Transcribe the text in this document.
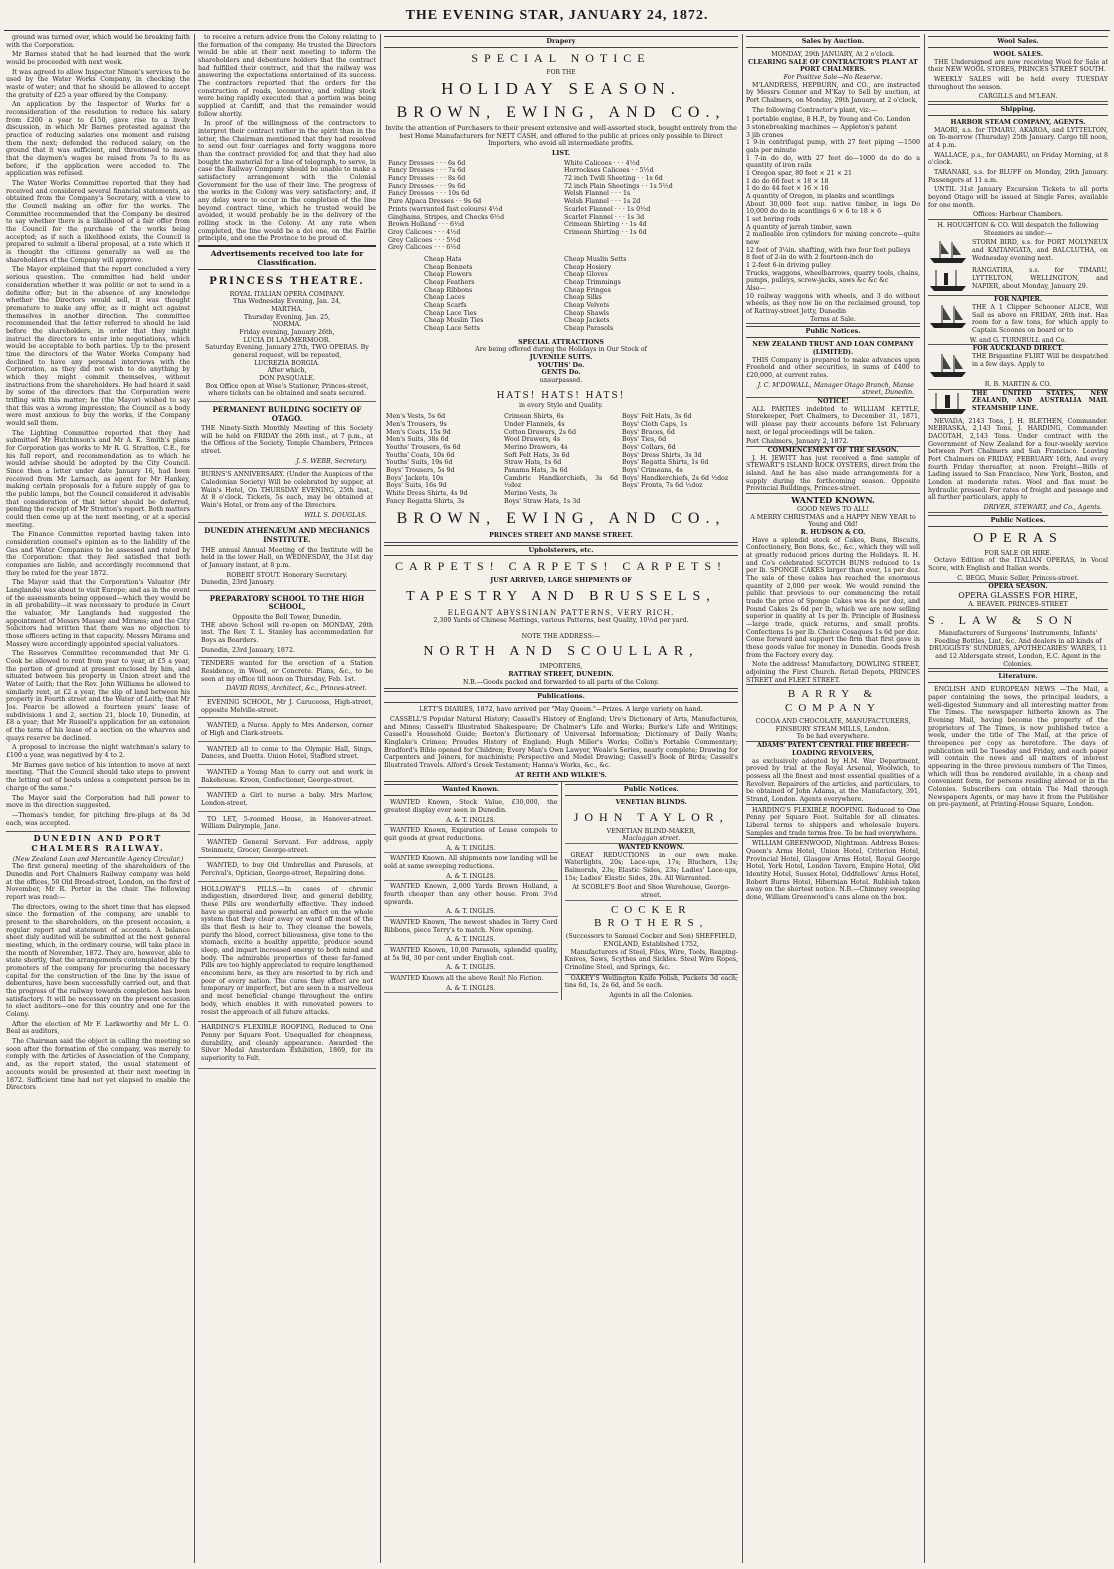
THE EVENING STAR, JANUARY 24, 1872.

ground was turned over, which would be breaking faith with the Corporation.

Mr Barnes stated that he had learned that the work would be proceeded with next week.

It was agreed to allow Inspector Nimon's services to be used by the Water Works Company, in checking the waste of water; and that he should be allowed to accept the gratuity of £25 a year offered by the Company.

An application by the Inspector of Works for a reconsideration of the resolution to reduce his salary from £200 a year to £150, gave rise to a lively discussion, in which Mr Barnes protested against the practice of reducing salaries one moment and raising them the next; defended the reduced salary, on the ground that it was sufficient, and threatened to move that the daymen's wages be raised from 7s to 8s as before, if the application were acceded to. The application was refused.

The Water Works Committee reported that they had received and considered several financial statements, as obtained from the Company's Secretary, with a view to the Council making an offer for the works. The Committee recommended that the Company be desired to say whether there is a likelihood of a fair offer from the Council for the purchase of the works being accepted; as if such a likelihood exists, the Council is prepared to submit a liberal proposal, at a rate which it is thought the citizens generally as well as the shareholders of the Company will approve.

The Mayor explained that the report concluded a very serious question. The committee had held under consideration whether it was politic or not to send in a definite offer; but in the absence of any knowledge whether the Directors would sell, it was thought premature to make any offer, as it might act against themselves in another direction. The committee recommended that the letter referred to should be laid before the shareholders, in order that they might instruct the directors to enter into negotiations, which would be acceptable to both parties. Up to the present time the directors of the Water Works Company had declined to have any personal interviews with the Corporation, as they did not wish to do anything by which they might commit themselves, without instructions from the shareholders. He had heard it said by some of the directors that the Corporation were trifling with this matter; he (the Mayor) wished to say that this was a wrong impression; the Council as a body were most anxious to buy the works, if the Company would sell them.

The Lighting Committee reported that they had submitted Mr Hutchinson's and Mr A. K. Smith's plans for Corporation gas works to Mr R. G. Stratton, C.E., for his full report, and recommendation as to which he would advise should be adopted by the City Council. Since then a letter under date January 16, had been received from Mr Larnach, as agent for Mr Hankey, making certain proposals for a future supply of gas to the public lamps, but the Council considered it advisable that consideration of that letter should be deferred, pending the receipt of Mr Stratton's report. Both matters could then come up at the next meeting, or at a special meeting.

The Finance Committee reported having taken into consideration counsel's opinion as to the liability of the Gas and Water Companies to be assessed and rated by the Corporation: that they feel satisfied that both companies are liable, and accordingly recommend that they be rated for the year 1872.

The Mayor said that the Corporation's Valuator (Mr Langlands) was about to visit Europe; and as in the event of the assessments being opposed—which they would be in all probability—it was necessary to produce in Court the valuator, Mr Langlands had suggested the appointment of Messrs Massey and Mirams; and the City Solicitors had written that there was no objection to those officers acting in that capacity. Messrs Mirams and Massey were accordingly appointed special valuators.

The Reserves Committee recommended that Mr G. Cook be allowed to rent from year to year, at £5 a year, the portion of ground at present enclosed by him, and situated between his property in Union street and the Water of Leith; that the Rev. John Williams be allowed to similarly rent, at £2 a year, the slip of land between his property in Fourth street and the Water of Leith; that Mr Jos. Pearce be allowed a fourteen years' lease of subdivisions 1 and 2, section 21, block 10, Dunedin, at £8 a year; that Mr Russell's application for an extension of the term of his lease of a section on the wharves and quays reserve be declined.

A proposal to increase the night watchman's salary to £100 a year, was negatived by 4 to 2.

Mr Barnes gave notice of his intention to move at next meeting. "That the Council should take steps to prevent the letting out of boats unless a competent person be in charge of the same."

The Mayor said the Corporation had full power to move in the direction suggested.

—Thomas's tender, for pitching fire-plugs at 8s 3d each, was accepted.

DUNEDIN AND PORT CHALMERS RAILWAY.
(New Zealand Loan and Mercantile Agency Circular.)

The first general meeting of the shareholders of the Dunedin and Port Chalmers Railway company was held at the offices, 50 Old Broad-street, London, on the first of November, Mr R. Porter in the chair. The following report was read:—

The directors, owing to the short time that has elapsed since the formation of the company, are unable to present to the shareholders, on the present occasion, a regular report and statement of accounts. A balance sheet duly audited will be submitted at the next general meeting, which, in the ordinary course, will take place in the month of November, 1872. They are, however, able to state shortly, that the arrangements contemplated by the promoters of the company for procuring the necessary capital for the construction of the line by the issue of debentures, have been successfully carried out, and that the progress of the railway towards completion has been satisfactory. It will be necessary on the present occasion to elect auditors—one for this country and one for the Colony.

After the election of Mr F. Larkworthy and Mr L. O. Beal as auditors,

The Chairman said the object in calling the meeting so soon after the formation of the company, was merely to comply with the Articles of Association of the Company, and, as the report stated, the usual statement of accounts would be presented at their next meeting in 1872. Sufficient time had not yet elapsed to enable the Directors

to receive a return advice from the Colony relating to the formation of the company. He trusted the Directors would be able at their next meeting to inform the shareholders and debenture holders that the contract had fulfilled their contract, and that the railway was answering the expectations entertained of its success. The contractors reported that the orders for the construction of roads, locomotive, and rolling stock were being rapidly executed: that a portion was being supplied at Cardiff, and that the remainder would follow shortly.

In proof of the willingness of the contractors to interpret their contract rather in the spirit than in the letter, the Chairman mentioned that they had resolved to send out four carriages and forty waggons more than the contract provided for, and that they had also bought the material for a line of telegraph, to serve, in case the Railway Company should be unable to make a satisfactory arrangement with the Colonial Government for the use of their line. The progress of the works in the Colony was very satisfactory; and, if any delay were to occur in the completion of the line beyond contract time, which he trusted would be avoided, it would probably be in the delivery of the rolling stock in the Colony. At any rate when completed, the line would be a doi one, on the Fairlie principle, and one the Province to be proud of.

Advertisements received too late for Classification.
PRINCESS THEATRE.
ROYAL ITALIAN OPERA COMPANY.
This Wednesday Evening, Jan. 24,
MARTHA.
Thursday Evening, Jan. 25,
NORMA.
Friday evening, January 26th,
LUCIA DI LAMMERMOOR.
Saturday Evening, January 27th, TWO OPERAS. By general request, will be repeated,
LUCREZIA BORGIA.
After which,
DON PASQUALE.
Box Office open at Wise's Stationer, Princes-street, where tickets can be obtained and seats secured.
PERMANENT BUILDING SOCIETY OF OTAGO.

THE Ninety-Sixth Monthly Meeting of this Society will be held on FRIDAY the 26th inst., at 7 p.m., at the Offices of the Society, Temple Chambers, Princes street.

J. S. WEBB, Secretary.

BURNS'S ANNIVERSARY. (Under the Auspices of the Caledonian Society) Will be celebrated by supper, at Wain's Hotel, On THURSDAY EVENING, 25th inst., At 8 o'clock. Tickets, 5s each, may be obtained at Wain's Hotel, or from any of the Directors.

WILL S. DOUGLAS.
DUNEDIN ATHENÆUM AND MECHANICS INSTITUTE.

THE annual Annual Meeting of the Institute will be held in the lower Hall, on WEDNESDAY, the 31st day of January instant, at 8 p.m.

ROBERT STOUT. Honorary Secretary.
Dunedin, 23rd January.
PREPARATORY SCHOOL TO THE HIGH SCHOOL,
Opposite the Bell Tower, Dunedin.

THE above School will re-open on MONDAY, 29th inst. The Rev. T. L. Stanley has accommodation for Boys as Boarders.

Dunedin, 23rd January, 1872.

TENDERS wanted for the erection of a Station Residence, in Wood, or Concrete. Plans, &c., to be seen at my office till noon on Thursday, Feb. 1st.

DAVID ROSS, Architect, &c., Princes-street.

EVENING SCHOOL, Mr J. Caruceoss, High-street, opposite Melville-street.

WANTED, a Nurse. Apply to Mrs Anderson, corner of High and Clark-streets.

WANTED all to come to the Olympic Hall, Sings, Dances, and Duetts. Union Hotel, Stafford street.

WANTED a Young Man to carry out and work in Bakehouse. Kroon, Confectioner, George-street.

WANTED a Girl to nurse a baby. Mrs Marlow, London-street.

TO LET, 5-roomed House, in Hanover-street. William Dalrymple, Jane.

WANTED General Servant. For address, apply Steinmetz, Grocer, George-street.

WANTED, to buy Old Umbrellas and Parasols, at Percival's, Optician, George-street, Repairing done.

HOLLOWAY'S PILLS.—In cases of chronic indigestion, disordered liver, and general debility, these Pills are wonderfully effective. They indeed have so general and powerful an effect on the whole system that they clear away or ward off most of the ills that flesh is heir to. They cleanse the bowels, purify the blood, correct biliousness, give tone to the stomach, excite a healthy appetite, produce sound sleep, and impart increased energy to both mind and body. The admirable properties of these far-famed Pills are too highly appreciated to require lengthened encomium here, as they are resorted to by rich and poor of every nation. The cures they effect are not temporary or imperfect, but are seen in a marvellous and most beneficial change throughout the entire body, which enables it with renovated powers to resist the approach of all future attacks.

HARDING'S FLEXIBLE ROOFING, Reduced to One Penny per Square Foot. Unequalled for cheapness, durability, and cleanly appearance. Awarded the Silver Medal Amsterdam Exhibition, 1869, for its superiority to Felt.

Drapery
SPECIAL NOTICE
FOR THE
HOLIDAY SEASON.
BROWN, EWING, AND CO.,

Invite the attention of Purchasers to their present extensive and well-assorted stock, bought entirely from the best Home Manufacturers for NETT CASH, and offered to the public at prices only possible to Direct Importers, who avoid all intermediate profits.

LIST.
Fancy Dresses · · · 6s 6d
Fancy Dresses · · · 7s 6d
Fancy Dresses · · · 8s 6d
Fancy Dresses · · · 9s 6d
Fancy Dresses · · · 10s 6d
Pure Alpaca Dresses · · 9s 6d
Prints (warranted fast colours) 4½d
Ginghams, Stripes, and Checks 6½d
Brown Holland · · · 6½d
Grey Calicoes · · · 4½d
Grey Calicoes · · · 5½d
Grey Calicoes · · · 6½d
White Calicoes · · · 4½d
Horrockses Calicoes · · 5½d
72 inch Twill Sheeting · · 1s 6d
72 inch Plain Sheetings · · 1s 5½d
Welsh Flannel · · · 1s
Welsh Flannel · · · 1s 2d
Scarlet Flannel · · · 1s 0½d
Scarlet Flannel · · · 1s 3d
Crimean Shirting · · 1s 4d
Crimean Shirting · · 1s 6d
Cheap Hats
Cheap Bonnets
Cheap Flowers
Cheap Feathers
Cheap Ribbons
Cheap Laces
Cheap Scarfs
Cheap Lace Ties
Cheap Muslin Ties
Cheap Lace Setts
Cheap Muslin Setts
Cheap Hosiery
Cheap Gloves
Cheap Trimmings
Cheap Fringes
Cheap Silks
Cheap Velvets
Cheap Shawls
Cheap Jackets
Cheap Parasols
SPECIAL ATTRACTIONS
Are being offered during the Holidays in Our Stock of
JUVENILE SUITS.
YOUTHS' Do.
GENTS Do.
unsurpassed.
HATS! HATS! HATS!
in every Style and Quality.
Men's Vests, 5s 6d
Men's Trousers, 9s
Men's Coats, 15s 9d
Men's Suits, 38s 6d
Youths' Trousers, 6s 6d
Youths' Coats, 10s 6d
Youths' Suits, 19s 6d
Boys' Trousers, 5s 9d
Boys' Jackets, 10s
Boys' Suits, 16s 9d
White Dress Shirts, 4s 9d
Fancy Regatta Shirts, 3s
Crimean Shirts, 6s
Under Flannels, 4s
Cotton Drawers, 2s 6d
Wool Drawers, 4s
Merino Drawers, 4s
Soft Felt Hats, 3s 6d
Straw Hats, 1s 6d
Panama Hats, 3s 6d
Cambric Handkerchiefs, 3s 6d ½doz
Merino Vests, 3s
Boys' Straw Hats, 1s 3d
Boys' Felt Hats, 3s 6d
Boys' Cloth Caps, 1s
Boys' Braces, 6d
Boys' Ties, 6d
Boys' Collars, 6d
Boys' Dress Shirts, 3s 3d
Boys' Regatta Shirts, 1s 6d
Boys' Crimeans, 4s
Boys' Handkerchiefs, 2s 6d ½doz
Boys' Fronts, 7s 6d ½doz
BROWN, EWING, AND CO.,
PRINCES STREET AND MANSE STREET.
Upholsterers, etc.
CARPETS! CARPETS! CARPETS!
JUST ARRIVED, LARGE SHIPMENTS OF
TAPESTRY AND BRUSSELS,
ELEGANT ABYSSINIAN PATTERNS, VERY RICH.
2,300 Yards of Chinese Mattings, various Patterns, best Quality, 10½d per yard.
NOTE THE ADDRESS:—
NORTH AND SCOULLAR,
IMPORTERS,
RATTRAY STREET, DUNEDIN.
N.B.—Goods packed and forwarded to all parts of the Colony.
Publications.

LETT'S DIARIES, 1872, have arrived per "May Queen."—Prizes. A large variety on hand.

CASSELL'S Popular Natural History; Cassell's History of England; Ure's Dictionary of Arts, Manufactures, and Mines; Cassell's Illustrated Shakespeare; Dr Chalmer's Life and Works; Burke's Life and Writings; Cassell's Household Guide; Beeton's Dictionary of Universal Information; Dictionary of Daily Wants; Kinglake's Crimea; Proudes History of England; Hugh Miller's Works; Collin's Portable Commentary; Bradford's Bible opened for Children; Every Man's Own Lawyer, Weale's Series, nearly complete; Drawing for Carpenters and Joiners, for machinists; Perspective and Model Drawing; Cassell's Book of Birds; Cassell's Illustrated Travels. Alford's Greek Testament; Hanna's Works, &c., &c.

AT REITH AND WILKIE'S.
Wanted Known.

WANTED Known, Stock Value, £30,000, the greatest display ever seen in Dunedin.

A. & T. INGLIS.

WANTED Known, Expiration of Lease compels to quit goods at great reductions.

A. & T. INGLIS.

WANTED Known. All shipments now landing will be sold at same sweeping reductions.

A. & T. INGLIS.

WANTED Known, 2,000 Yards Brown Holland, a fourth cheaper than any other house. From 3½d upwards.

A. & T. INGLIS.

WANTED Known, The newest shades in Terry Cord Ribbons, piece Terry's to match. Now opening.

A. & T. INGLIS.

WANTED Known, 10,00 Parasols, splendid quality, at 5s 9d, 30 per cent under English cost.

A. & T. INGLIS.

WANTED Known all the above Real! No Fiction.

A. & T. INGLIS.
Public Notices.
VENETIAN BLINDS.
JOHN TAYLOR,
VENETIAN BLIND-MAKER,
Maclaggan street.
WANTED KNOWN.

GREAT REDUCTIONS in our own make. Waterlights, 20s; Lace-ups, 17s; Bluchers, 13s; Balmorals, 23s; Elastic Sides, 23s; Ladies' Lace-ups, 15s; Ladies' Elastic Sides, 20s. All Warranted.

At SCOBLE'S Boot and Shoe Warehouse, George-street.
COCKER BROTHERS,
(Successors to Samuel Cocker and Son) SHEFFIELD, ENGLAND, Established 1752,

Manufacturers of Steel, Files, Wire, Tools, Reaping-Knives, Saws, Scythes and Sickles. Steel Wire Ropes, Crinoline Steel, and Springs, &c.

OAKEY'S Wellington Knife Polish, Packets 3d each; tins 6d, 1s, 2s 6d, and 5s each.

Agents in all the Colonies.
Sales by Auction.
MONDAY, 29th JANUARY, At 2 o'clock.
CLEARING SALE OF CONTRACTOR'S PLANT AT PORT CHALMERS.
For Positive Sale—No Reserve.

M'LANDRESS, HEPBURN, and CO., are instructed by Messrs Connor and M'Kay to Sell by auction, at Port Chalmers, on Monday, 29th January, at 2 o'clock,

The following Contractor's plant, viz:—

1 portable engine, 8 H.P., by Young and Co. London
3 stonebreaking machines — Appleton's patent
3 jib cranes
1 9-in centrifugal pump, with 27 feet piping —1500 gals per minute
1 7-in do do, with 27 feet do—1000 do do do a quantity of iron rails
1 Oregon spar, 80 feet × 21 × 21
1 do do 66 feet × 18 × 18
1 do do 44 feet × 16 × 16
A quantity of Oregon, in planks and scantlings
About 30,000 feet sup. native timber, in logs Do 10,000 do do in scantlings 6 × 6 to 18 × 6
1 set boring rods
A quantity of jarrah timber, sawn
2 malleable iron cylinders for mixing concrete—quite new
12 feet of 3¼in. shafting, with two four feet pulleys
8 feet of 2-in do with 2 fourteen-inch do
1 2-feet 6-in driving pulley
Trucks, waggons, wheelbarrows, quarry tools, chains, pumps, pulleys, screw-jacks, saws &c &c &c
Also—
10 railway waggons with wheels, and 3 do without wheels, as they now lie on the reclaimed ground, top of Rattray-street Jetty, Dunedin
Terms at Sale.
Public Notices.
NEW ZEALAND TRUST AND LOAN COMPANY (LIMITED).

THIS Company is prepared to make advances upon Freehold and other securities, in sums of £400 to £20,000, at current rates.

J. C. M'DOWALL, Manager Otago Branch, Manse street, Dunedin.
NOTICE!

ALL PARTIES indebted to WILLIAM KETTLE, Storekeeper, Port Chalmers, to December 31, 1871, will please pay their accounts before 1st February next, or legal proceedings will be taken.

Port Chalmers, January 2, 1872.
COMMENCEMENT OF THE SEASON.

J. H. JEWITT has just received a fine sample of STEWART'S ISLAND ROCK OYSTERS, direct from the island. And he has also made arrangements for a supply during the forthcoming season. Opposite Provincial Buildings, Princes-street.

WANTED KNOWN.
GOOD NEWS TO ALL!
A MERRY CHRISTMAS and a HAPPY NEW YEAR to Young and Old!
R. HUDSON & CO.

Have a splendid stock of Cakes, Buns, Biscuits, Confectionery, Bon Bons, &c., &c., which they will sell at greatly reduced prices during the Holidays. R. H. and Co's celebrated SCOTCH BUNS reduced to 1s per lb. SPONGE CAKES larger than ever, 1s per doz. The sale of these cakes has reached the enormous quantity of 2,000 per week. We would remind the public that previous to our commencing the retail trade the price of Sponge Cakes was 4s per doz, and Pound Cakes 2s 6d per lb, which we are now selling superior in quality at 1s per lb. Principle of Business—large trade, quick returns, and small profits. Confections 1s per lb. Choice Cosaques 1s 6d per doz. Come forward and support the firm that first gave in these goods value for money in Dunedin. Goods fresh from the Factory every day.

Note the address! Manufactory, DOWLING STREET, adjoining the First Church. Retail Depots, PRINCES STREET and FLEET STREET.

BARRY & COMPANY
COCOA AND CHOCOLATE, MANUFACTURERS, FINSBURY STEAM MILLS, London.
To be had everywhere.
ADAMS' PATENT CENTRAL FIRE BREECH-LOADING REVOLVERS,

as exclusively adopted by H.M. War Department, proved by trial at the Royal Arsenal, Woolwich, to possess all the finest and most essential qualities of a Revolver. Repairers of the articles, and particulars, to be obtained of John Adams, at the Manufactory, 391, Strand, London. Agents everywhere.

HARDING'S FLEXIBLE ROOFING. Reduced to One Penny per Square Foot. Suitable for all climates. Liberal terms to shippers and wholesale buyers. Samples and trade terms free. To be had everywhere.

WILLIAM GREENWOOD, Nightman. Address Boxes: Queen's Arms Hotel, Union Hotel, Criterion Hotel, Provincial Hotel, Glasgow Arms Hotel, Royal George Hotel, York Hotel, London Tavern, Empire Hotel, Old Identity Hotel, Sussex Hotel, Oddfellows' Arms Hotel, Robert Burns Hotel, Hibernian Hotel. Rubbish taken away on the shortest notice. N.B.—Chimney sweeping done, William Greenwood's cans alone on the box.

Wool Sales.
WOOL SALES.

THE Undersigned are now receiving Wool for Sale at their NEW WOOL STORES, PRINCES STREET SOUTH.

WEEKLY SALES will be held every TUESDAY throughout the season.

CARGILLS and M'LEAN.
Shipping.
HARBOR STEAM COMPANY, AGENTS.

MAORI, s.s. for TIMARU, AKAROA, and LYTTELTON, on To-morrow (Thursday) 25th January. Cargo till noon, at 4 p.m.

WALLACE, p.s., for OAMARU, on Friday Morning, at 8 o'clock.

TARANAKI, s.s. for BLUFF on Monday, 29th January. Passengers at 11 a.m.

UNTIL 31st January Excursion Tickets to all ports beyond Otago will be issued at Single Fares, available for one month.

Offices: Harbour Chambers.
H. HOUGHTON & CO. Will despatch the following Steamers as under:—

STORM BIRD, s.s. for PORT MOLYNEUX and KAITANGATA, and BALCLUTHA, on Wednesday evening next.

RANGATIRA, s.s. for TIMARU, LYTTELTON, WELLINGTON, and NAPIER, about Monday, January 29.

FOR NAPIER.

THE A 1 Clipper Schooner ALICE, Will Sail as above on FRIDAY, 26th inst. Has room for a few tons, for which apply to Captain Scoones on board or to

W. and G. TURNBULL and Co.
FOR AUCKLAND DIRECT.

THE Brigantine FLIRT Will be despatched in a few days. Apply to

R. B. MARTIN & CO.

THE UNITED STATES, NEW ZEALAND, AND AUSTRALIA MAIL STEAMSHIP LINE.

NEVADA, 2143 Tons, J. H. BLETHEN, Commander. NEBRASKA, 2,143 Tons, J. HARDING, Commander. DACOTAH, 2,143 Tons. Under contract with the Government of New Zealand for a four-weekly service between Port Chalmers and San Francisco. Leaving Port Chalmers on FRIDAY, FEBRUARY 16th, And every fourth Friday thereafter, at noon. Freight—Bills of Lading issued to San Francisco, New York, Boston, and London at moderate rates. Wool and flax must be hydraulic pressed. For rates of freight and passage and all further particulars, apply to

DRIVER, STEWART, and Co., Agents.
Public Notices.
OPERAS
FOR SALE OR HIRE.

Octavo Edition of the ITALIAN OPERAS, in Vocal Score, with English and Italian words.

C. BEGG, Music Seller, Princes-street.
OPERA SEASON.
OPERA GLASSES FOR HIRE,
A. BEAVER. PRINCES-STREET
S. LAW & SON

Manufacturers of Surgeons' Instruments, Infants' Feeding Bottles, Lint, &c. And dealers in all kinds of DRUGGISTS' SUNDRIES, APOTHECARIES' WARES, 11 and 12 Aldersgate street, London, E.C. Agent in the Colonies.

Literature.

ENGLISH AND EUROPEAN NEWS —The Mail, a paper containing the news, the principal leaders, a well-digested Summary and all interesting matter from The Times. The newspaper hitherto known as The Evening Mail, having become the property of the proprietors of The Times, is now published twice a week, under the title of The Mail, at the price of threepence per copy as heretofore. The days of publication will be Tuesday and Friday, and each paper will contain the news and all matters of interest appearing in the three previous numbers of The Times, which will thus be rendered available, in a cheap and convenient form, for persons residing abroad or in the Colonies. Subscribers can obtain The Mail through Newspapers Agents, or may have it from the Publisher on pre-payment, at Printing-House Square, London.
